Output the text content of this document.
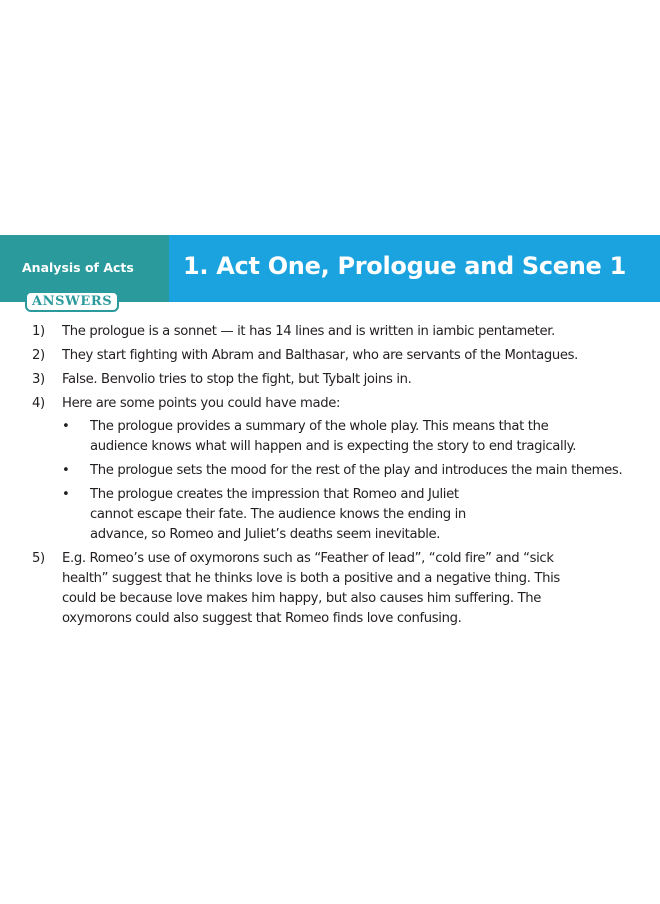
Analysis of Acts 1. Act One, Prologue and Scene 1
ANSWERS
1) The prologue is a sonnet — it has 14 lines and is written in iambic pentameter.
2) They start fighting with Abram and Balthasar, who are servants of the Montagues.
3) False. Benvolio tries to stop the fight, but Tybalt joins in.
4) Here are some points you could have made:
• The prologue provides a summary of the whole play. This means that the audience knows what will happen and is expecting the story to end tragically.
• The prologue sets the mood for the rest of the play and introduces the main themes.
• The prologue creates the impression that Romeo and Juliet cannot escape their fate. The audience knows the ending in advance, so Romeo and Juliet’s deaths seem inevitable.
5) E.g. Romeo’s use of oxymorons such as “Feather of lead”, “cold fire” and “sick health” suggest that he thinks love is both a positive and a negative thing. This could be because love makes him happy, but also causes him suffering. The oxymorons could also suggest that Romeo finds love confusing.
